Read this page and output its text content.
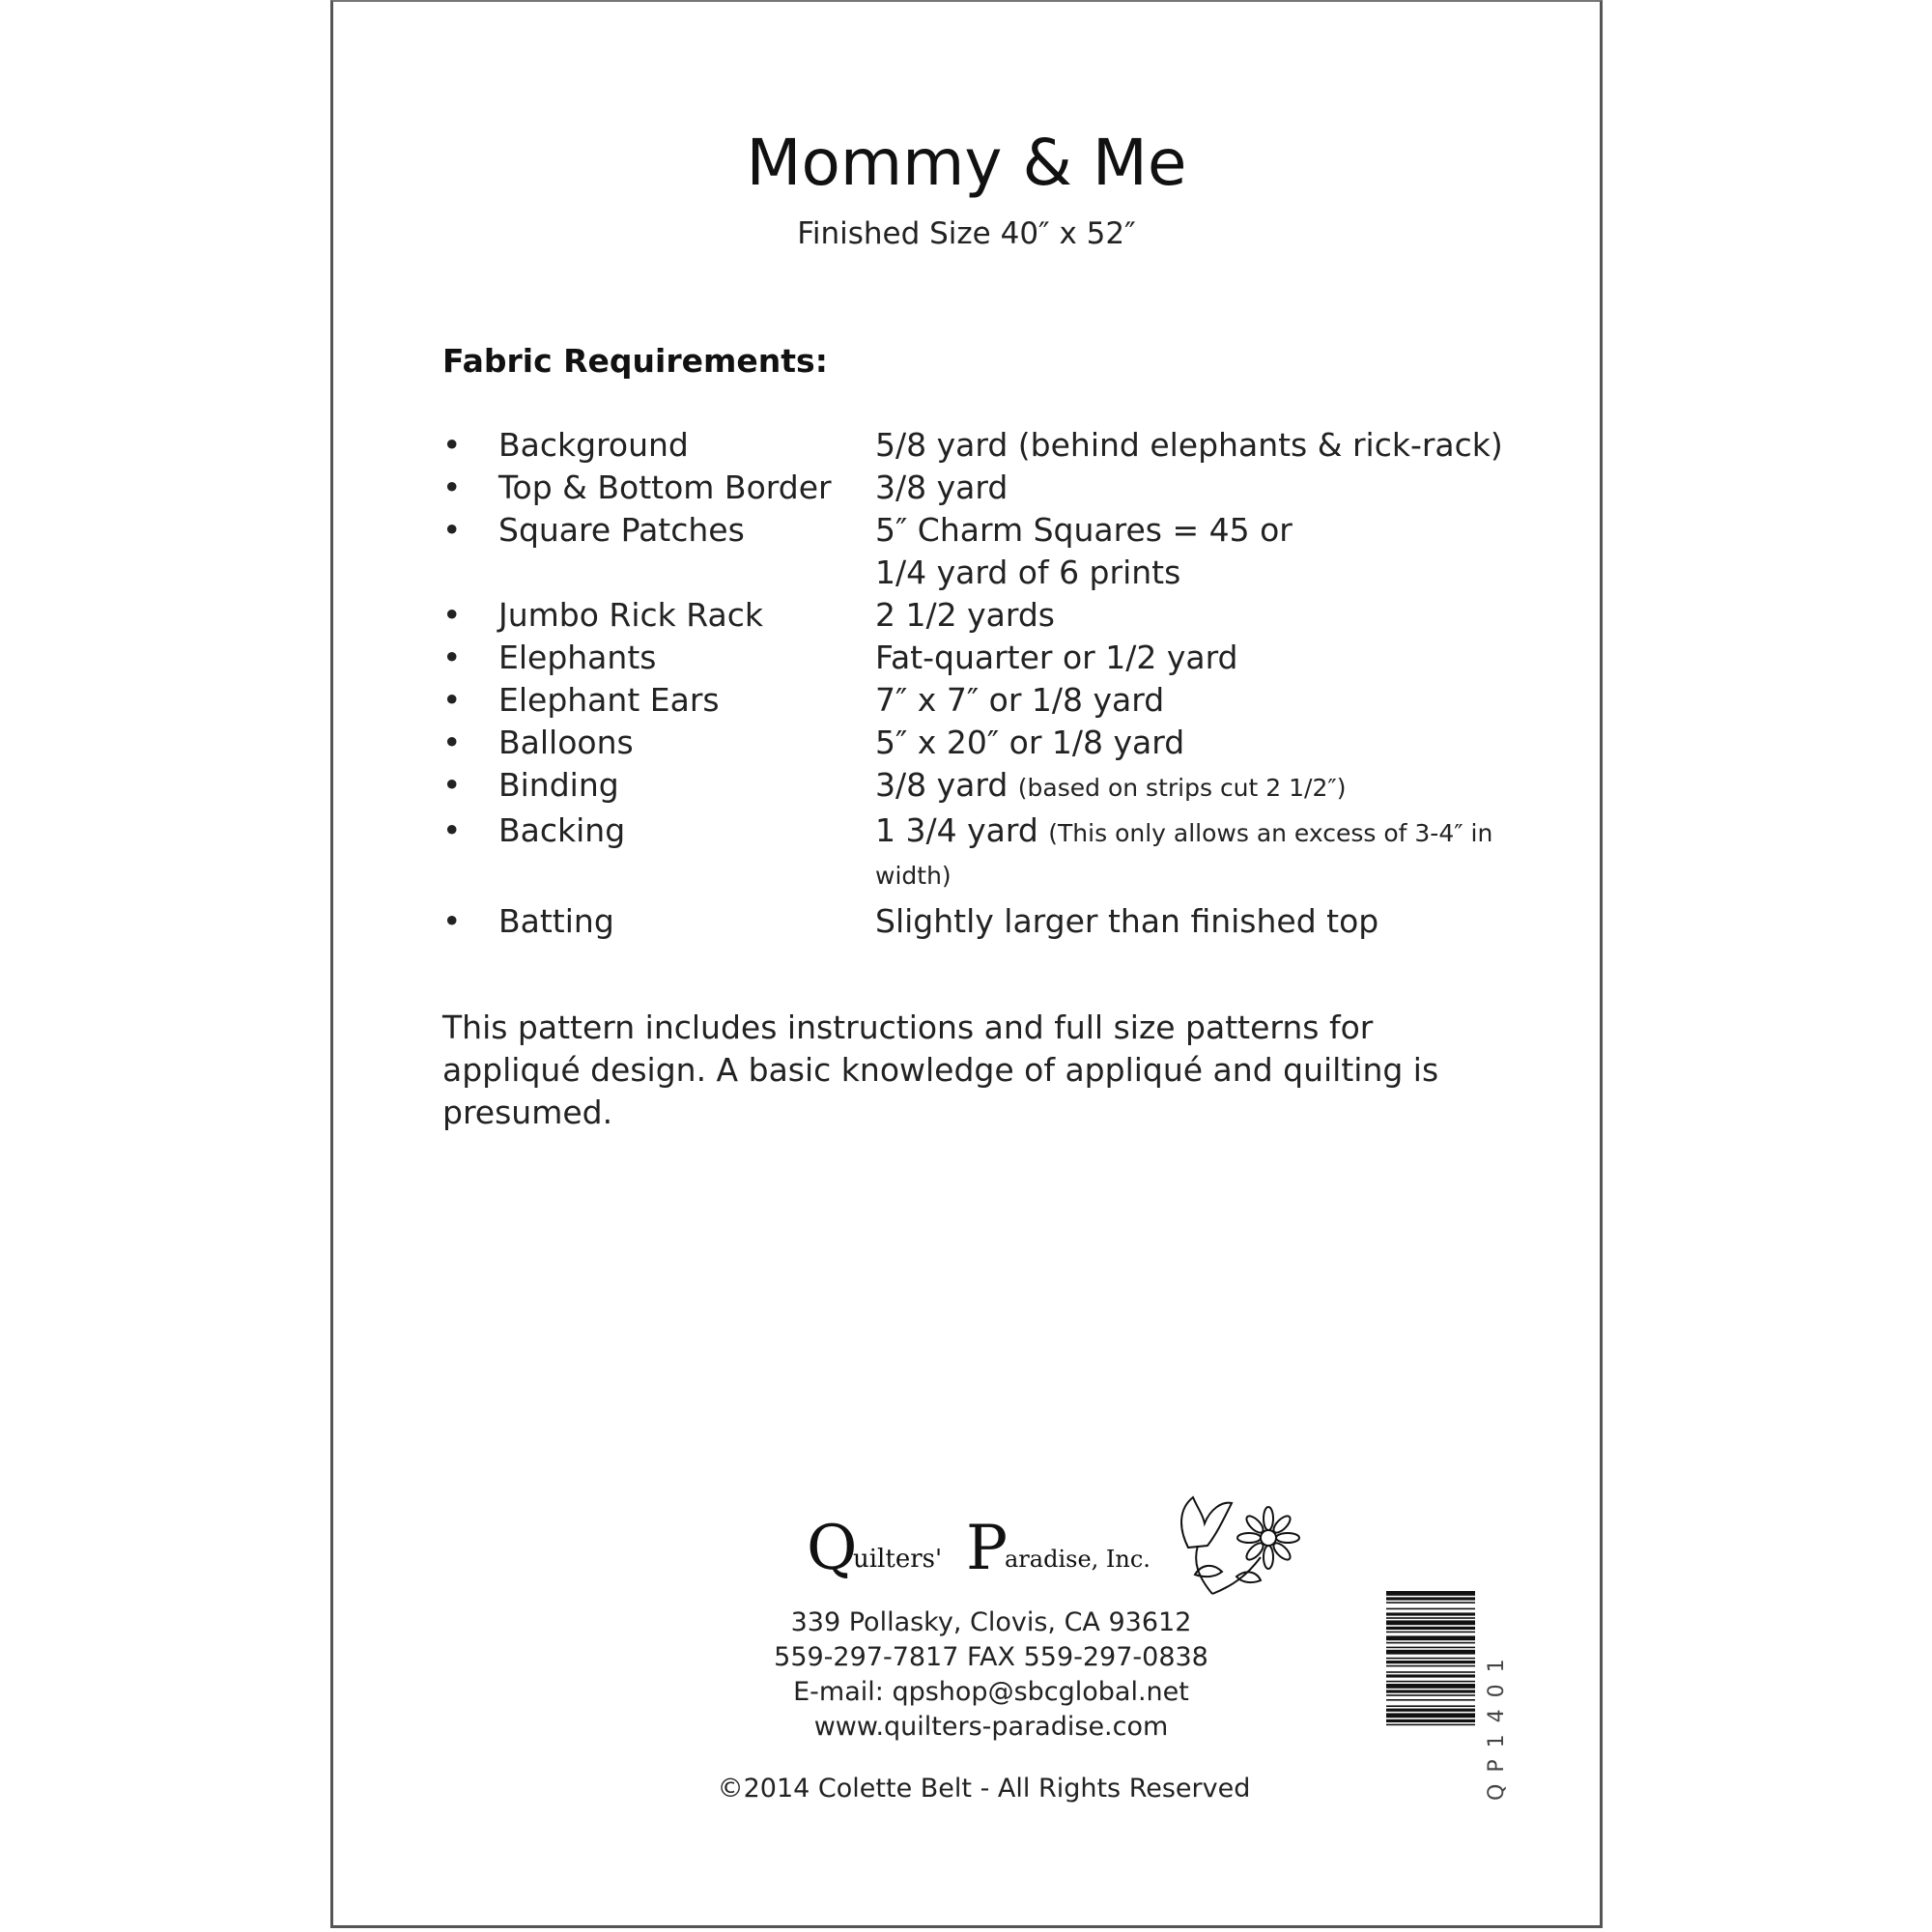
Mommy & Me
Finished Size 40″ x 52″
Fabric Requirements:
•	Background	5/8 yard (behind elephants & rick-rack)
•	Top & Bottom Border	3/8 yard
•	Square Patches	5″ Charm Squares = 45 or
1/4 yard of 6 prints
•	Jumbo Rick Rack	2 1/2 yards
•	Elephants	Fat-quarter or 1/2 yard
•	Elephant Ears	7″ x 7″ or 1/8 yard
•	Balloons	5″ x 20″ or 1/8 yard
•	Binding	3/8 yard (based on strips cut 2 1/2″)
•	Backing	1 3/4 yard (This only allows an excess of 3-4″ in width)
•	Batting	Slightly larger than finished top
This pattern includes instructions and full size patterns for appliqué design. A basic knowledge of appliqué and quilting is presumed.
Q
uilters' P
aradise, Inc.
339 Pollasky, Clovis, CA 93612
559-297-7817 FAX 559-297-0838
E-mail: qpshop@sbcglobal.net
www.quilters-paradise.com
©2014 Colette Belt - All Rights Reserved	QP1401
